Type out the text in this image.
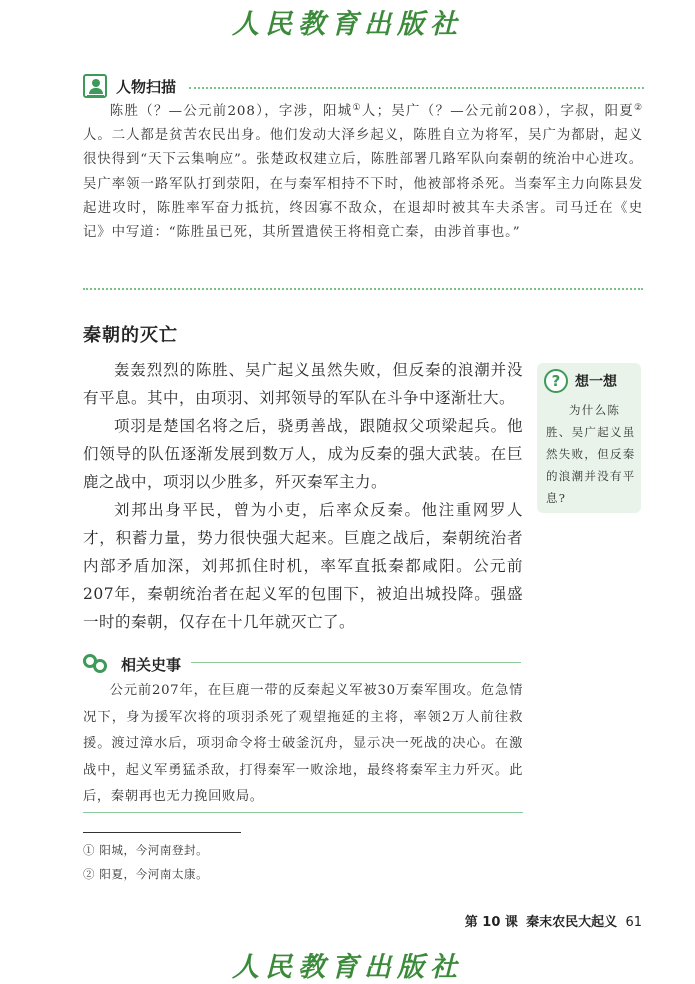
人民教育出版社
人物扫描

陈胜（？—公元前208），字涉，阳城①人；吴广（？—公元前208），字叔，阳夏②人。二人都是贫苦农民出身。他们发动大泽乡起义，陈胜自立为将军，吴广为都尉，起义很快得到“天下云集响应”。张楚政权建立后，陈胜部署几路军队向秦朝的统治中心进攻。吴广率领一路军队打到荥阳，在与秦军相持不下时，他被部将杀死。当秦军主力向陈县发起进攻时，陈胜率军奋力抵抗，终因寡不敌众，在退却时被其车夫杀害。司马迁在《史记》中写道：“陈胜虽已死，其所置遣侯王将相竟亡秦，由涉首事也。”

秦朝的灭亡

轰轰烈烈的陈胜、吴广起义虽然失败，但反秦的浪潮并没有平息。其中，由项羽、刘邦领导的军队在斗争中逐渐壮大。

项羽是楚国名将之后，骁勇善战，跟随叔父项梁起兵。他们领导的队伍逐渐发展到数万人，成为反秦的强大武装。在巨鹿之战中，项羽以少胜多，歼灭秦军主力。

刘邦出身平民，曾为小吏，后率众反秦。他注重网罗人才，积蓄力量，势力很快强大起来。巨鹿之战后，秦朝统治者内部矛盾加深，刘邦抓住时机，率军直抵秦都咸阳。公元前207年，秦朝统治者在起义军的包围下，被迫出城投降。强盛一时的秦朝，仅存在十几年就灭亡了。

?	想一想
为什么陈胜、吴广起义虽然失败，但反秦的浪潮并没有平息?
相关史事

公元前207年，在巨鹿一带的反秦起义军被30万秦军围攻。危急情况下，身为援军次将的项羽杀死了观望拖延的主将，率领2万人前往救援。渡过漳水后，项羽命令将士破釜沉舟，显示决一死战的决心。在激战中，起义军勇猛杀敌，打得秦军一败涂地，最终将秦军主力歼灭。此后，秦朝再也无力挽回败局。

① 阳城，今河南登封。
② 阳夏，今河南太康。
第 10 课 秦末农民大起义 61
人民教育出版社
